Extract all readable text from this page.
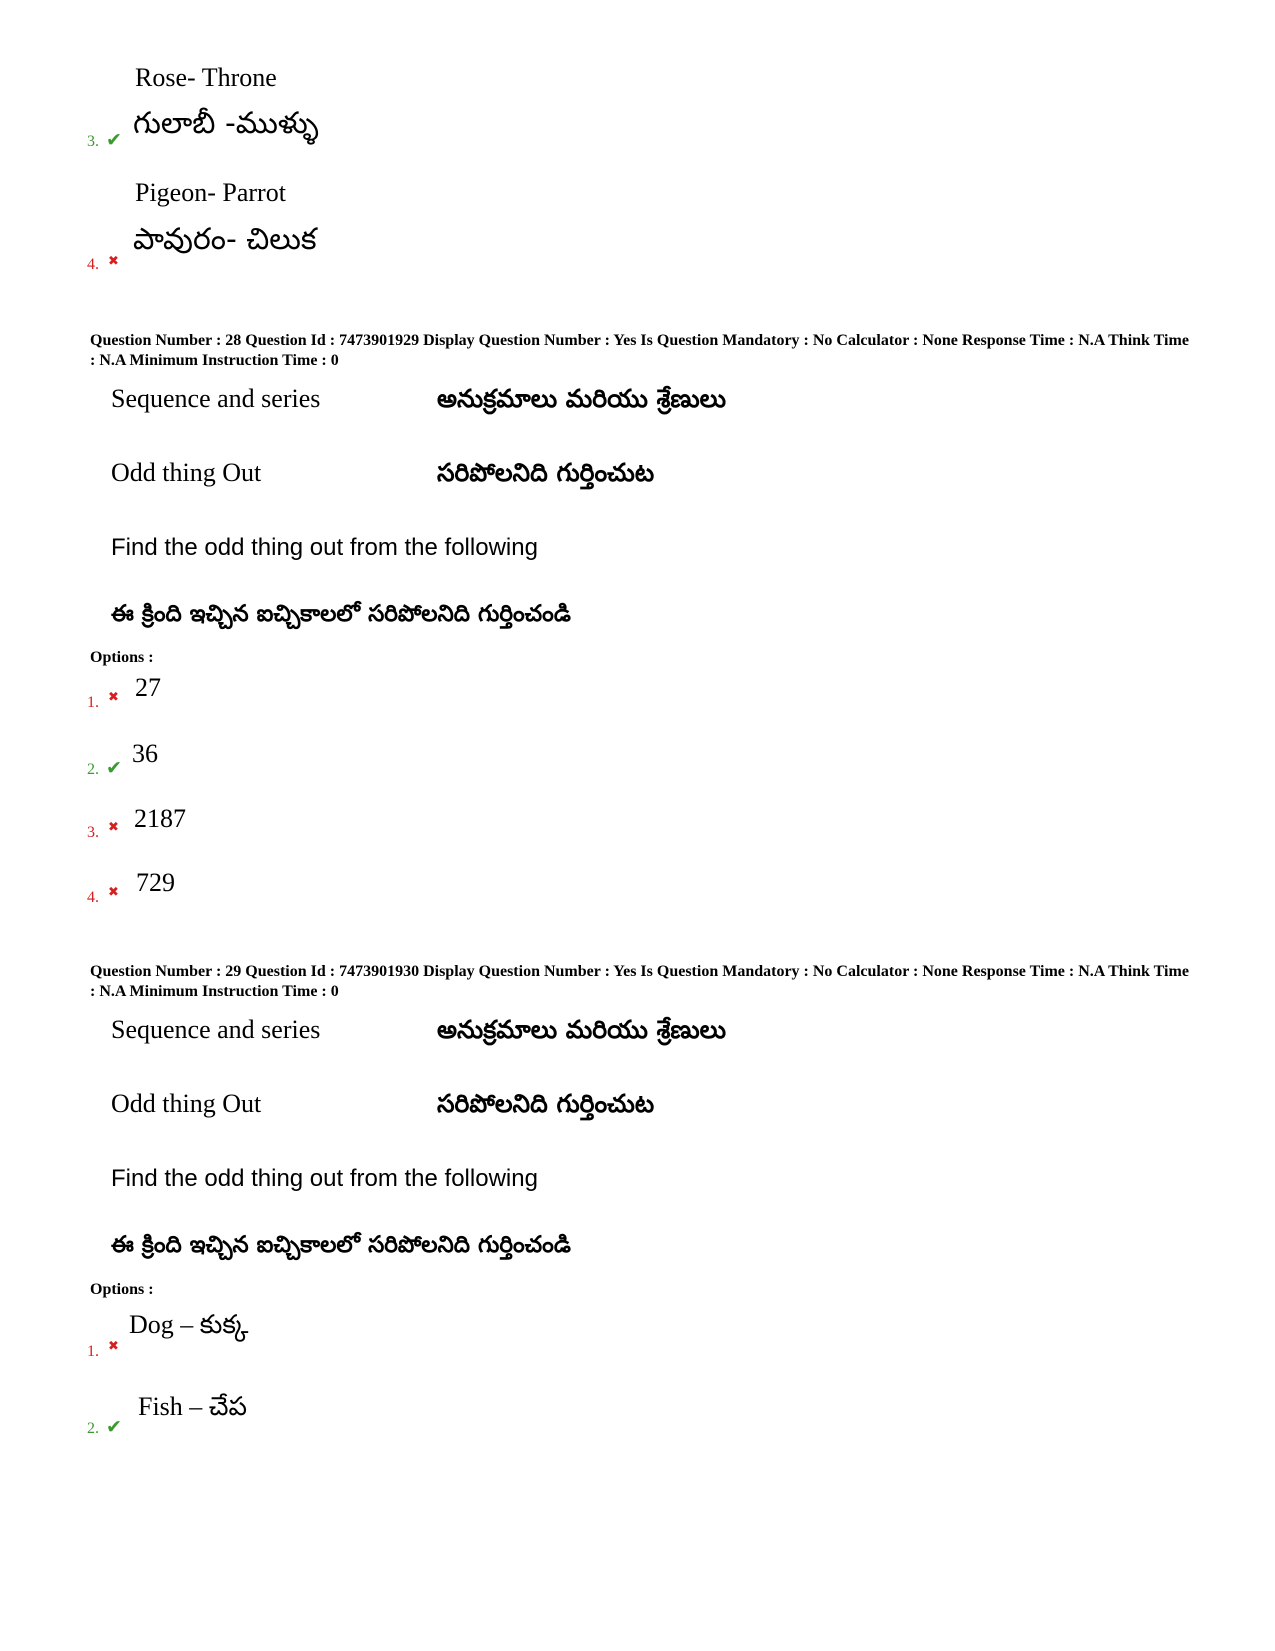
Rose- Throne
గులాబీ -ముళ్ళు
3. ✔
Pigeon- Parrot
పావురం- చిలుక
4. ✖
Question Number : 28 Question Id : 7473901929 Display Question Number : Yes Is Question Mandatory : No Calculator : None Response Time : N.A Think Time : N.A Minimum Instruction Time : 0
Sequence and series	అనుక్రమాలు మరియు శ్రేణులు
Odd thing Out	సరిపోలనిది గుర్తించుట
Find the odd thing out from the following
ఈ క్రింది ఇచ్చిన ఐచ్చికాలలో సరిపోలనిది గుర్తించండి
Options :
1. ✖ 27
2. ✔ 36
3. ✖ 2187
4. ✖ 729
Question Number : 29 Question Id : 7473901930 Display Question Number : Yes Is Question Mandatory : No Calculator : None Response Time : N.A Think Time : N.A Minimum Instruction Time : 0
Sequence and series	అనుక్రమాలు మరియు శ్రేణులు
Odd thing Out	సరిపోలనిది గుర్తించుట
Find the odd thing out from the following
ఈ క్రింది ఇచ్చిన ఐచ్చికాలలో సరిపోలనిది గుర్తించండి
Options :
Dog – కుక్క
1. ✖
Fish – చేప
2. ✔
